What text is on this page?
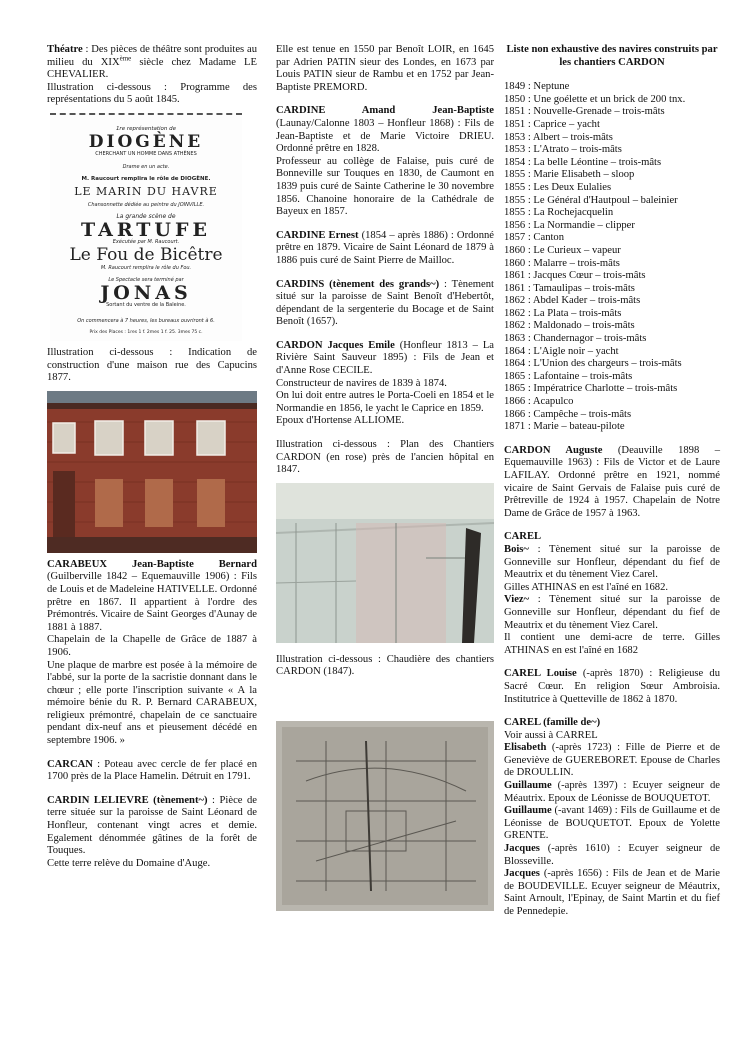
Théatre : Des pièces de théâtre sont produites au milieu du XIXème siècle chez Madame LE CHEVALIER.

Illustration ci-dessous : Programme des représentations du 5 août 1845.

1re représentation de
DIOGÈNE
CHERCHANT UN HOMME DANS ATHÈNES
Drame en un acte.
M. Raucourt remplira le rôle de DIOGÈNE.
LE MARIN DU HAVRE
Chansonnette dédiée au peintre du JOINVILLE.
La grande scène de
TARTUFE
Exécutée par M. Raucourt.
Le Fou de Bicêtre
M. Raucourt remplira le rôle du Fou.
Le Spectacle sera terminé par
JONAS
Sortant du ventre de la Baleine.
On commencera à 7 heures, les bureaux ouvriront à 6.
Prix des Places : 1res 1 f. 2mes 1 f. 25. 3mes 75 c.

Illustration ci-dessous : Indication de construction d'une maison rue des Capucins 1877.

CARABEUX Jean-Baptiste Bernard (Guilberville 1842 – Equemauville 1906) : Fils de Louis et de Madeleine HATIVELLE. Ordonné prêtre en 1867. Il appartient à l'ordre des Prémontrés. Vicaire de Saint Georges d'Aunay de 1881 à 1887.

Chapelain de la Chapelle de Grâce de 1887 à 1906.

Une plaque de marbre est posée à la mémoire de l'abbé, sur la porte de la sacristie donnant dans le chœur ; elle porte l'inscription suivante « A la mémoire bénie du R. P. Bernard CARABEUX, religieux prémontré, chapelain de ce sanctuaire pendant dix-neuf ans et pieusement décédé en septembre 1906. »

CARCAN : Poteau avec cercle de fer placé en 1700 près de la Place Hamelin. Détruit en 1791.

CARDIN LELIEVRE (tènement~) : Pièce de terre située sur la paroisse de Saint Léonard de Honfleur, contenant vingt acres et demie. Egalement dénommée gâtines de la forêt de Touques.

Cette terre relève du Domaine d'Auge.

Elle est tenue en 1550 par Benoît LOIR, en 1645 par Adrien PATIN sieur des Londes, en 1673 par Louis PATIN sieur de Rambu et en 1752 par Jean-Baptiste PREMORD.

CARDINE Amand Jean-Baptiste (Launay/Calonne 1803 – Honfleur 1868) : Fils de Jean-Baptiste et de Marie Victoire DRIEU. Ordonné prêtre en 1828.

Professeur au collège de Falaise, puis curé de Bonneville sur Touques en 1830, de Caumont en 1839 puis curé de Sainte Catherine le 30 novembre 1856. Chanoine honoraire de la Cathédrale de Bayeux en 1857.

CARDINE Ernest (1854 – après 1886) : Ordonné prêtre en 1879. Vicaire de Saint Léonard de 1879 à 1886 puis curé de Saint Pierre de Mailloc.

CARDINS (tènement des grands~) : Tènement situé sur la paroisse de Saint Benoît d'Hebertôt, dépendant de la sergenterie du Bocage et de Saint Benoît (1657).

CARDON Jacques Emile (Honfleur 1813 – La Rivière Saint Sauveur 1895) : Fils de Jean et d'Anne Rose CECILE.

Constructeur de navires de 1839 à 1874.

On lui doit entre autres le Porta-Coeli en 1854 et le Normandie en 1856, le yacht le Caprice en 1859.

Epoux d'Hortense ALLIOME.

Illustration ci-dessous : Plan des Chantiers CARDON (en rose) près de l'ancien hôpital en 1847.

Illustration ci-dessous : Chaudière des chantiers CARDON (1847).

Liste non exhaustive des navires construits par les chantiers CARDON

1849 : Neptune

1850 : Une goélette et un brick de 200 tnx.

1851 : Nouvelle-Grenade – trois-mâts

1851 : Caprice – yacht

1853 : Albert – trois-mâts

1853 : L'Atrato – trois-mâts

1854 : La belle Léontine – trois-mâts

1855 : Marie Elisabeth – sloop

1855 : Les Deux Eulalies

1855 : Le Général d'Hautpoul – baleinier

1855 : La Rochejacquelin

1856 : La Normandie – clipper

1857 : Canton

1860 : Le Curieux – vapeur

1860 : Malarre – trois-mâts

1861 : Jacques Cœur – trois-mâts

1861 : Tamaulipas – trois-mâts

1862 : Abdel Kader – trois-mâts

1862 : La Plata – trois-mâts

1862 : Maldonado – trois-mâts

1863 : Chandernagor – trois-mâts

1864 : L'Aigle noir – yacht

1864 : L'Union des chargeurs – trois-mâts

1865 : Lafontaine – trois-mâts

1865 : Impératrice Charlotte – trois-mâts

1866 : Acapulco

1866 : Campêche – trois-mâts

1871 : Marie – bateau-pilote

CARDON Auguste (Deauville 1898 – Equemauville 1963) : Fils de Victor et de Laure LAFILAY. Ordonné prêtre en 1921, nommé vicaire de Saint Gervais de Falaise puis curé de Prêtreville de 1924 à 1957. Chapelain de Notre Dame de Grâce de 1957 à 1963.

CAREL

Bois~ : Tènement situé sur la paroisse de Gonneville sur Honfleur, dépendant du fief de Meautrix et du tènement Viez Carel.

Gilles ATHINAS en est l'aîné en 1682.

Viez~ : Tènement situé sur la paroisse de Gonneville sur Honfleur, dépendant du fief de Meautrix et du tènement Viez Carel.

Il contient une demi-acre de terre. Gilles ATHINAS en est l'aîné en 1682

CAREL Louise (-après 1870) : Religieuse du Sacré Cœur. En religion Sœur Ambroisia. Institutrice à Quetteville de 1862 à 1870.

CAREL (famille de~)

Voir aussi à CARREL

Elisabeth (-après 1723) : Fille de Pierre et de Geneviève de GUEREBORET. Epouse de Charles de DROULLIN.

Guillaume (-après 1397) : Ecuyer seigneur de Méautrix. Epoux de Léonisse de BOUQUETOT.

Guillaume (-avant 1469) : Fils de Guillaume et de Léonisse de BOUQUETOT. Epoux de Yolette GRENTE.

Jacques (-après 1610) : Ecuyer seigneur de Blosseville.

Jacques (-après 1656) : Fils de Jean et de Marie de BOUDEVILLE. Ecuyer seigneur de Méautrix, Saint Arnoult, l'Epinay, de Saint Martin et du fief de Pennedepie.
